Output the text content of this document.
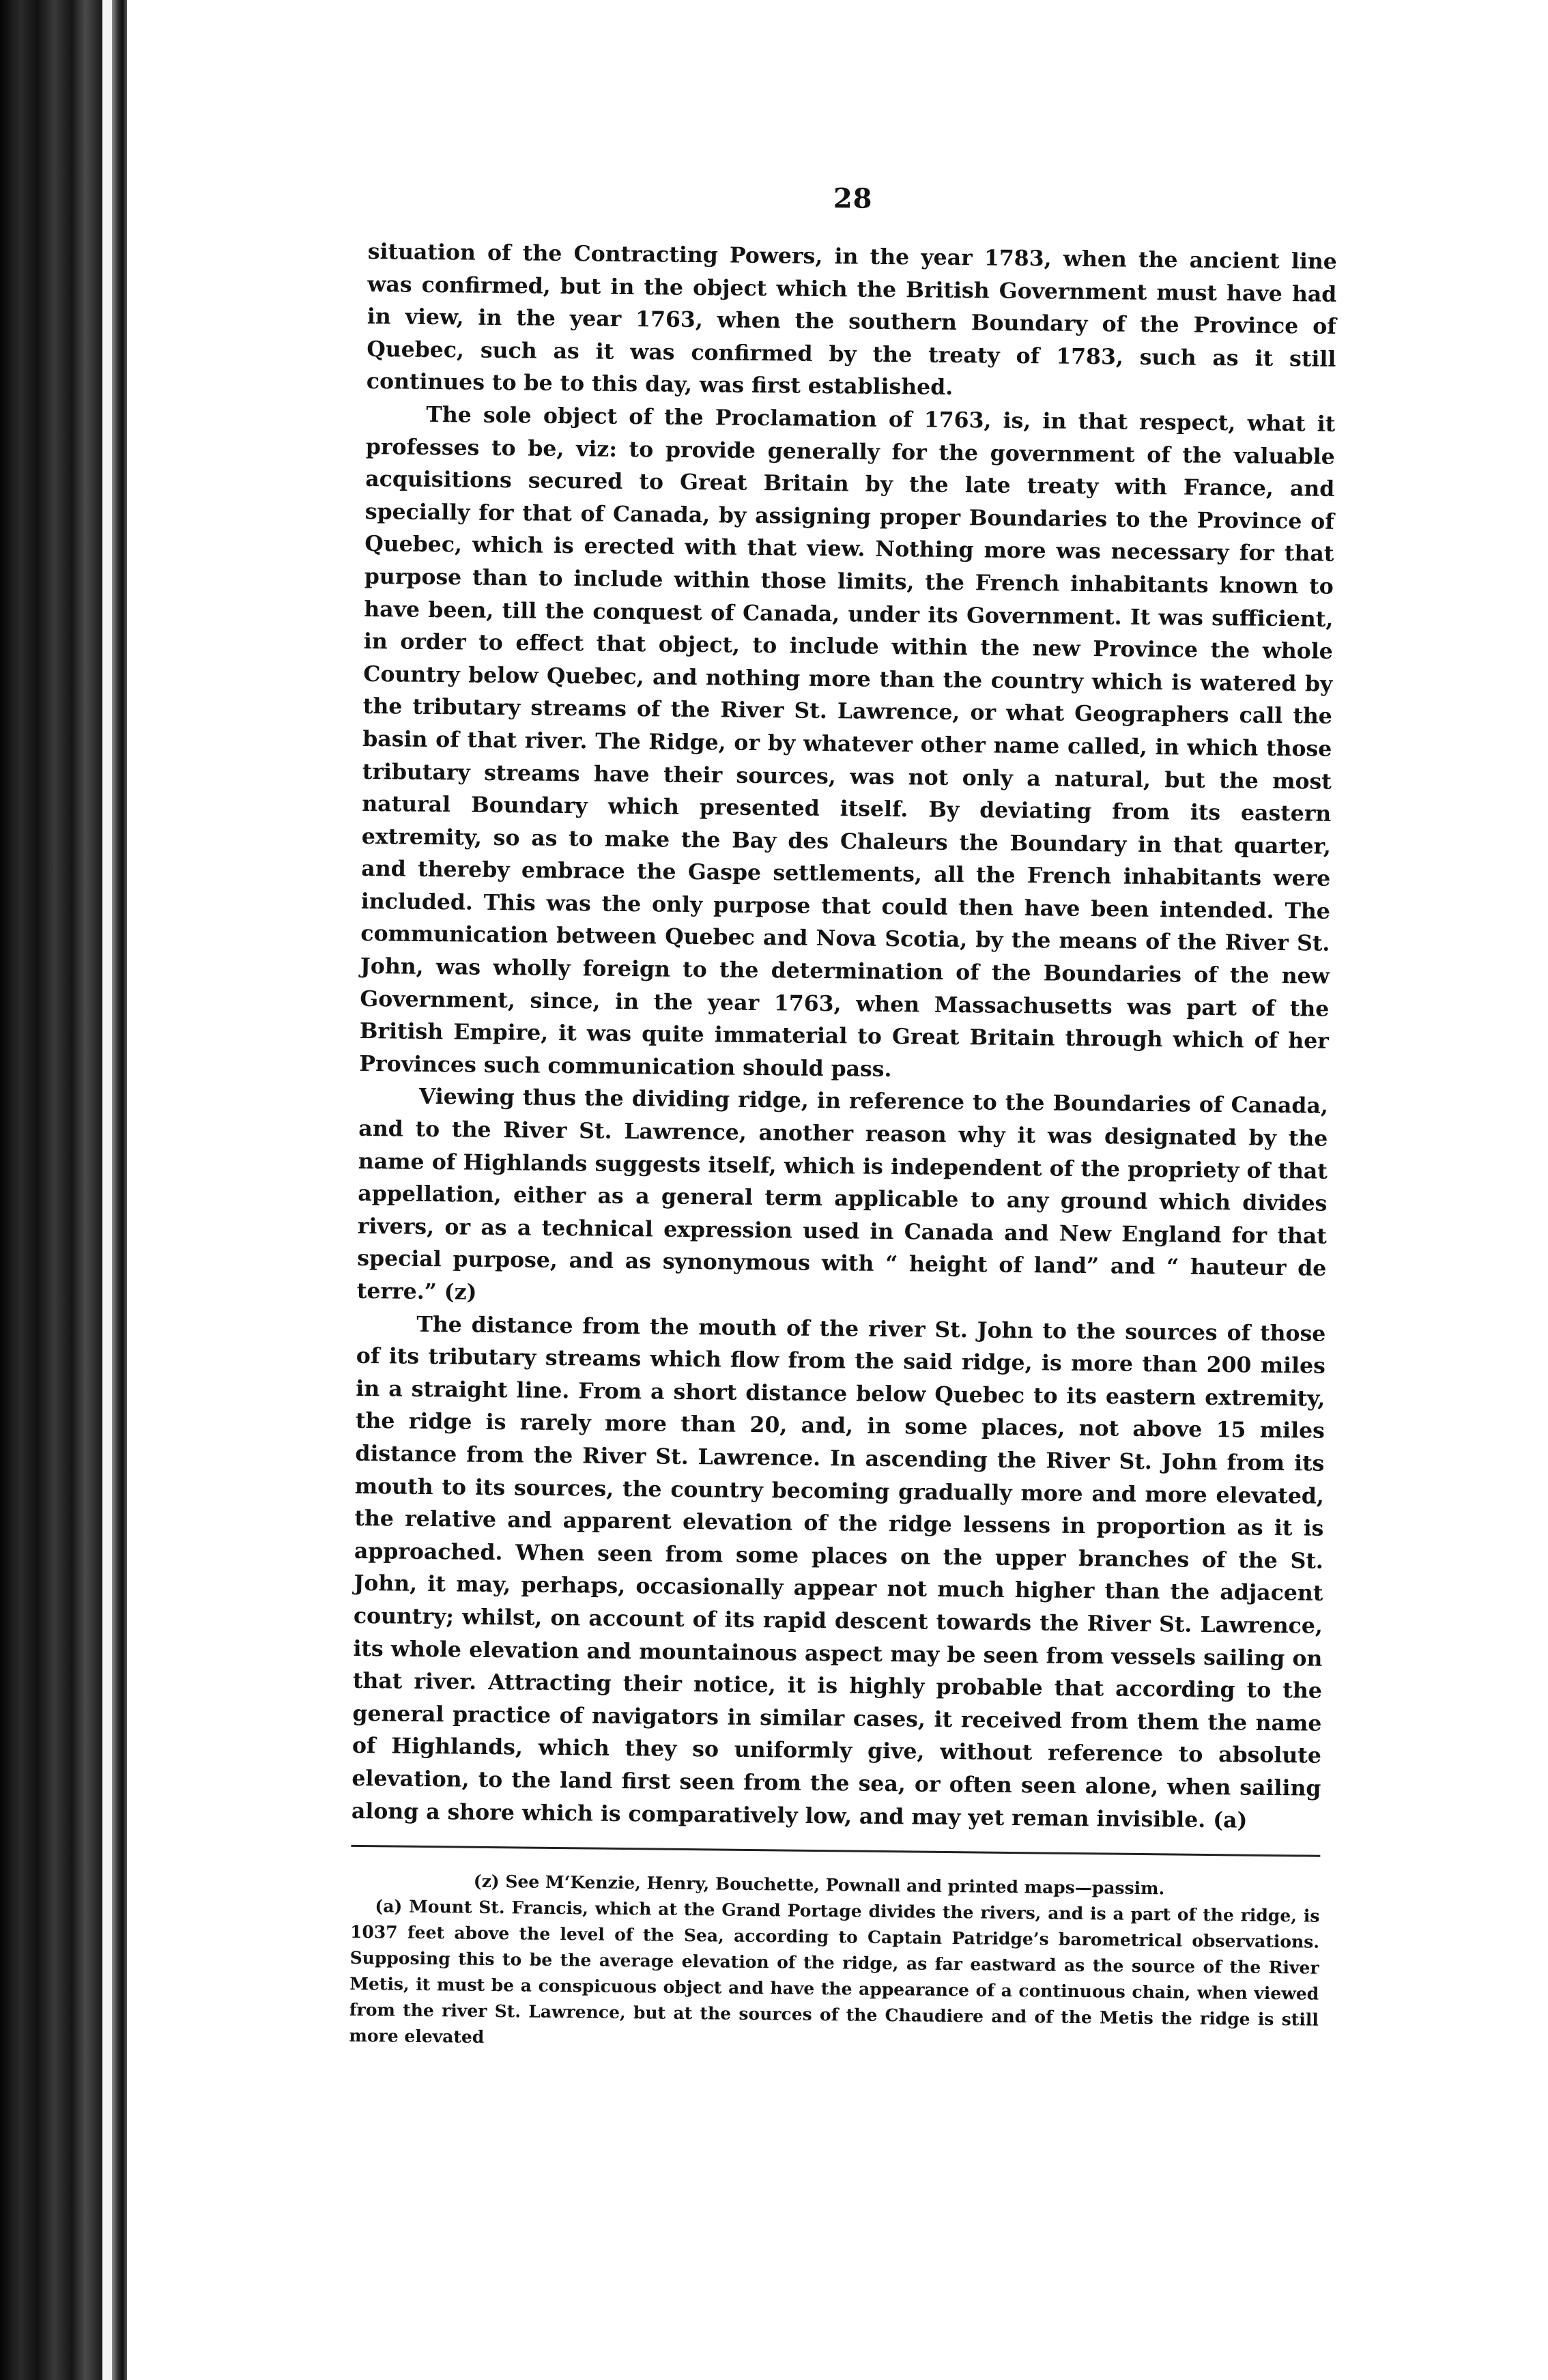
28

situation of the Contracting Powers, in the year 1783, when the ancient line was confirmed, but in the object which the British Government must have had in view, in the year 1763, when the southern Boundary of the Province of Quebec, such as it was confirmed by the treaty of 1783, such as it still continues to be to this day, was first established.

The sole object of the Proclamation of 1763, is, in that respect, what it professes to be, viz: to provide generally for the government of the valuable acquisitions secured to Great Britain by the late treaty with France, and specially for that of Canada, by assigning proper Boundaries to the Province of Quebec, which is erected with that view. Nothing more was necessary for that purpose than to include within those limits, the French inhabitants known to have been, till the conquest of Canada, under its Government. It was sufficient, in order to effect that object, to include within the new Province the whole Country below Quebec, and nothing more than the country which is watered by the tributary streams of the River St. Lawrence, or what Geographers call the basin of that river. The Ridge, or by whatever other name called, in which those tributary streams have their sources, was not only a natural, but the most natural Boundary which presented itself. By deviating from its eastern extremity, so as to make the Bay des Chaleurs the Boundary in that quarter, and thereby embrace the Gaspe settlements, all the French inhabitants were included. This was the only purpose that could then have been intended. The communication between Quebec and Nova Scotia, by the means of the River St. John, was wholly foreign to the determination of the Boundaries of the new Government, since, in the year 1763, when Massachusetts was part of the British Empire, it was quite immaterial to Great Britain through which of her Provinces such communication should pass.

Viewing thus the dividing ridge, in reference to the Boundaries of Canada, and to the River St. Lawrence, another reason why it was designated by the name of Highlands suggests itself, which is independent of the propriety of that appellation, either as a general term applicable to any ground which divides rivers, or as a technical expression used in Canada and New England for that special purpose, and as synonymous with “ height of land” and “ hauteur de terre.” (z)

The distance from the mouth of the river St. John to the sources of those of its tributary streams which flow from the said ridge, is more than 200 miles in a straight line. From a short distance below Quebec to its eastern extremity, the ridge is rarely more than 20, and, in some places, not above 15 miles distance from the River St. Lawrence. In ascending the River St. John from its mouth to its sources, the country becoming gradually more and more elevated, the relative and apparent elevation of the ridge lessens in proportion as it is approached. When seen from some places on the upper branches of the St. John, it may, perhaps, occasionally appear not much higher than the adjacent country; whilst, on account of its rapid descent towards the River St. Lawrence, its whole elevation and mountainous aspect may be seen from vessels sailing on that river. Attracting their notice, it is highly probable that according to the general practice of navigators in similar cases, it received from them the name of Highlands, which they so uniformly give, without reference to absolute elevation, to the land first seen from the sea, or often seen alone, when sailing along a shore which is comparatively low, and may yet reman invisible. (a)

(z) See M‘Kenzie, Henry, Bouchette, Pownall and printed maps—passim.

(a) Mount St. Francis, which at the Grand Portage divides the rivers, and is a part of the ridge, is 1037 feet above the level of the Sea, according to Captain Patridge’s barometrical observations. Supposing this to be the average elevation of the ridge, as far eastward as the source of the River Metis, it must be a conspicuous object and have the appearance of a continuous chain, when viewed from the river St. Lawrence, but at the sources of the Chaudiere and of the Metis the ridge is still more elevated
